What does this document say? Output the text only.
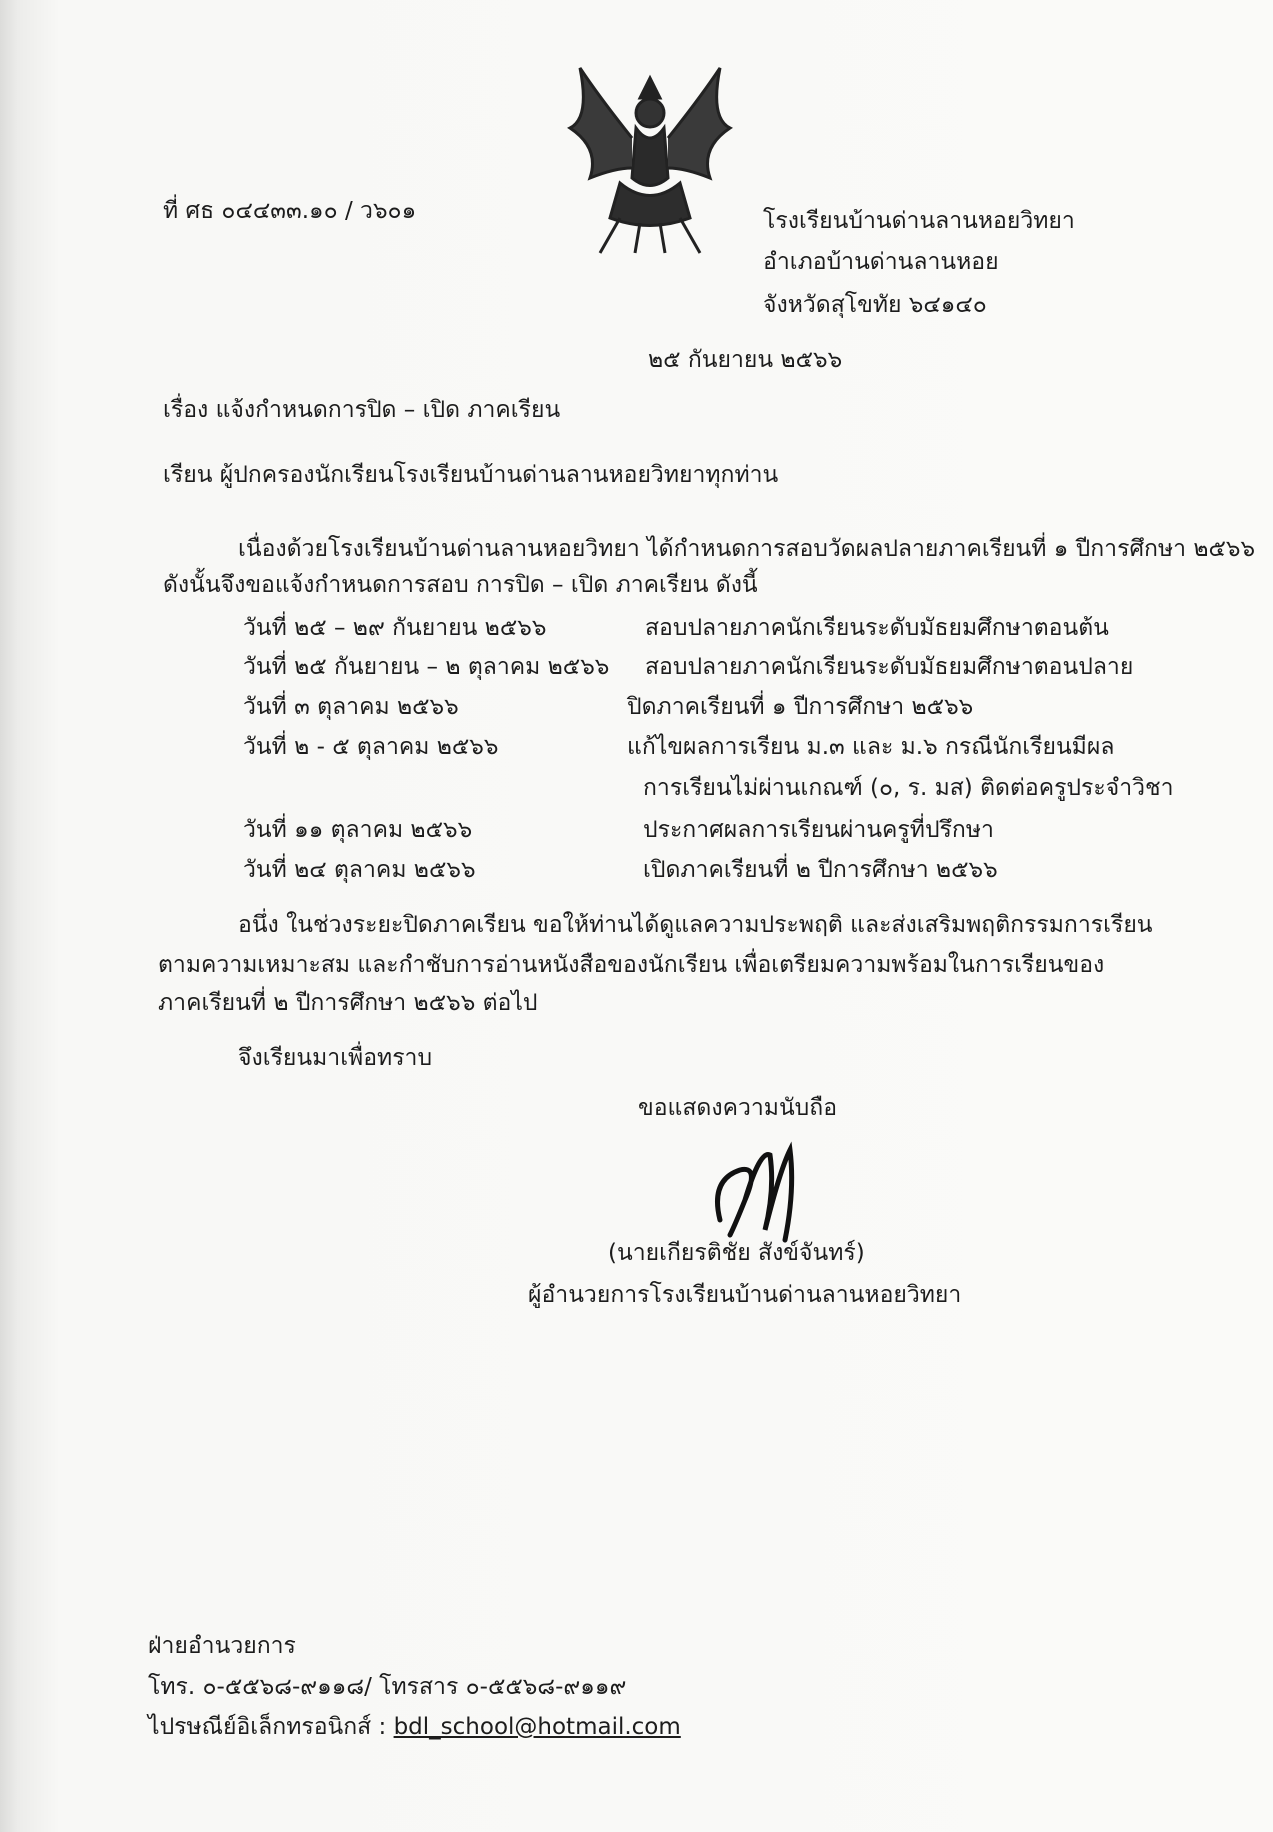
ที่ ศธ ๐๔๔๓๓.๑๐ / ว๖๐๑	โรงเรียนบ้านด่านลานหอยวิทยา
อำเภอบ้านด่านลานหอย
จังหวัดสุโขทัย ๖๔๑๔๐
๒๕ กันยายน ๒๕๖๖
เรื่อง แจ้งกำหนดการปิด – เปิด ภาคเรียน
เรียน ผู้ปกครองนักเรียนโรงเรียนบ้านด่านลานหอยวิทยาทุกท่าน
เนื่องด้วยโรงเรียนบ้านด่านลานหอยวิทยา ได้กำหนดการสอบวัดผลปลายภาคเรียนที่ ๑ ปีการศึกษา ๒๕๖๖
ดังนั้นจึงขอแจ้งกำหนดการสอบ การปิด – เปิด ภาคเรียน ดังนี้
วันที่ ๒๕ – ๒๙ กันยายน ๒๕๖๖	สอบปลายภาคนักเรียนระดับมัธยมศึกษาตอนต้น
วันที่ ๒๕ กันยายน – ๒ ตุลาคม ๒๕๖๖ สอบปลายภาคนักเรียนระดับมัธยมศึกษาตอนปลาย
วันที่ ๓ ตุลาคม ๒๕๖๖	ปิดภาคเรียนที่ ๑ ปีการศึกษา ๒๕๖๖
วันที่ ๒ - ๕ ตุลาคม ๒๕๖๖	แก้ไขผลการเรียน ม.๓ และ ม.๖ กรณีนักเรียนมีผล
การเรียนไม่ผ่านเกณฑ์ (๐, ร. มส) ติดต่อครูประจำวิชา
วันที่ ๑๑ ตุลาคม ๒๕๖๖	ประกาศผลการเรียนผ่านครูที่ปรึกษา
วันที่ ๒๔ ตุลาคม ๒๕๖๖	เปิดภาคเรียนที่ ๒ ปีการศึกษา ๒๕๖๖
อนึ่ง ในช่วงระยะปิดภาคเรียน ขอให้ท่านได้ดูแลความประพฤติ และส่งเสริมพฤติกรรมการเรียน
ตามความเหมาะสม และกำชับการอ่านหนังสือของนักเรียน เพื่อเตรียมความพร้อมในการเรียนของ
ภาคเรียนที่ ๒ ปีการศึกษา ๒๕๖๖ ต่อไป
จึงเรียนมาเพื่อทราบ
ขอแสดงความนับถือ
(นายเกียรติชัย สังข์จันทร์)
ผู้อำนวยการโรงเรียนบ้านด่านลานหอยวิทยา
ฝ่ายอำนวยการ
โทร. ๐-๕๕๖๘-๙๑๑๘/ โทรสาร ๐-๕๕๖๘-๙๑๑๙
ไปรษณีย์อิเล็กทรอนิกส์ : bdl_school@hotmail.com
